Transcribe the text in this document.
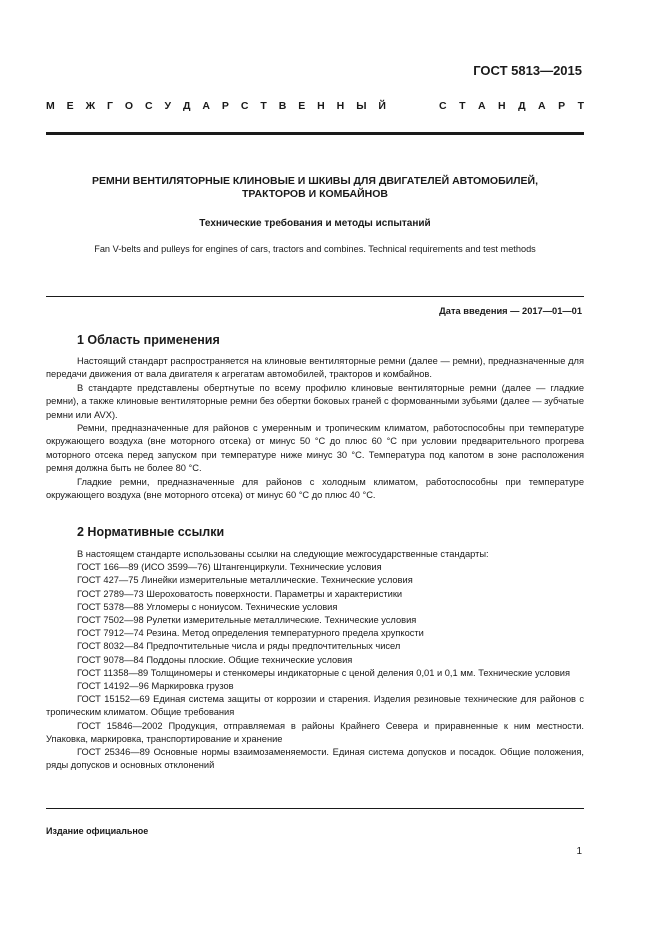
ГОСТ 5813—2015
М Е Ж Г О С У Д А Р С Т В Е Н Н Ы Й	С Т А Н Д А Р Т
РЕМНИ ВЕНТИЛЯТОРНЫЕ КЛИНОВЫЕ И ШКИВЫ ДЛЯ ДВИГАТЕЛЕЙ АВТОМОБИЛЕЙ,
ТРАКТОРОВ И КОМБАЙНОВ
Технические требования и методы испытаний
Fan V-belts and pulleys for engines of cars, tractors and combines. Technical requirements and test methods
Дата введения — 2017—01—01
1 Область применения

Настоящий стандарт распространяется на клиновые вентиляторные ремни (далее — ремни), предназначенные для передачи движения от вала двигателя к агрегатам автомобилей, тракторов и комбайнов.

В стандарте представлены обертнутые по всему профилю клиновые вентиляторные ремни (далее — гладкие ремни), а также клиновые вентиляторные ремни без обертки боковых граней с формованными зубьями (далее — зубчатые ремни или AVX).

Ремни, предназначенные для районов с умеренным и тропическим климатом, работоспособны при температуре окружающего воздуха (вне моторного отсека) от минус 50 °С до плюс 60 °С при условии предварительного прогрева моторного отсека перед запуском при температуре ниже минус 30 °С. Температура под капотом в зоне расположения ремня должна быть не более 80 °С.

Гладкие ремни, предназначенные для районов с холодным климатом, работоспособны при температуре окружающего воздуха (вне моторного отсека) от минус 60 °С до плюс 40 °С.

2 Нормативные ссылки

В настоящем стандарте использованы ссылки на следующие межгосударственные стандарты:

ГОСТ 166—89 (ИСО 3599—76) Штангенциркули. Технические условия

ГОСТ 427—75 Линейки измерительные металлические. Технические условия

ГОСТ 2789—73 Шероховатость поверхности. Параметры и характеристики

ГОСТ 5378—88 Угломеры с нониусом. Технические условия

ГОСТ 7502—98 Рулетки измерительные металлические. Технические условия

ГОСТ 7912—74 Резина. Метод определения температурного предела хрупкости

ГОСТ 8032—84 Предпочтительные числа и ряды предпочтительных чисел

ГОСТ 9078—84 Поддоны плоские. Общие технические условия

ГОСТ 11358—89 Толщиномеры и стенкомеры индикаторные с ценой деления 0,01 и 0,1 мм. Технические условия

ГОСТ 14192—96 Маркировка грузов

ГОСТ 15152—69 Единая система защиты от коррозии и старения. Изделия резиновые технические для районов с тропическим климатом. Общие требования

ГОСТ 15846—2002 Продукция, отправляемая в районы Крайнего Севера и приравненные к ним местности. Упаковка, маркировка, транспортирование и хранение

ГОСТ 25346—89 Основные нормы взаимозаменяемости. Единая система допусков и посадок. Общие положения, ряды допусков и основных отклонений

Издание официальное
1
